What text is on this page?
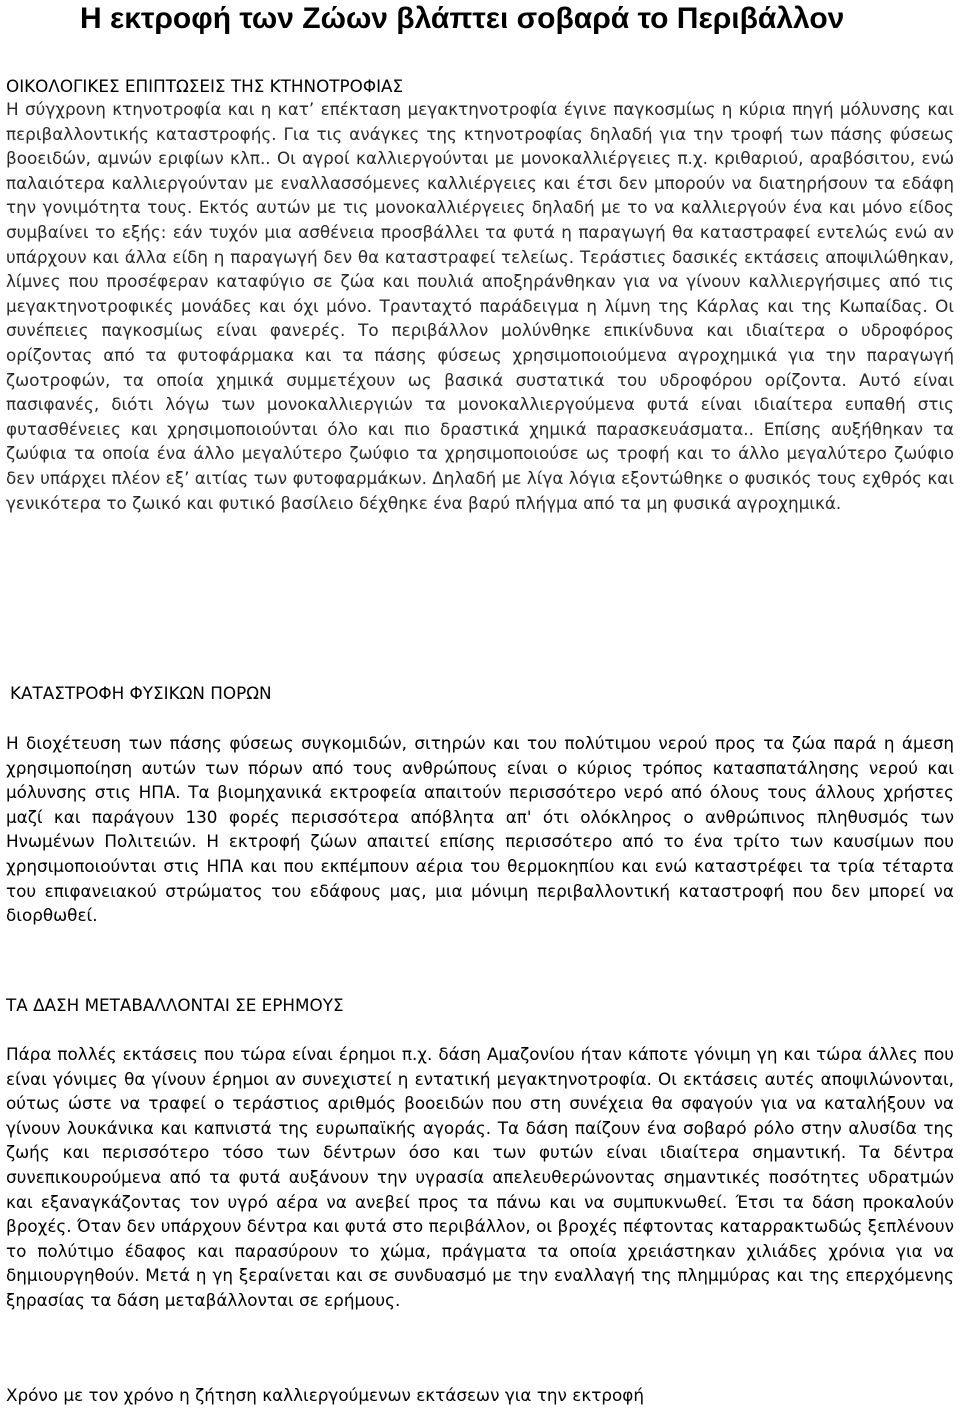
Η εκτροφή των Ζώων βλάπτει σοβαρά το Περιβάλλον
ΟΙΚΟΛΟΓΙΚΕΣ ΕΠΙΠΤΩΣΕΙΣ ΤΗΣ ΚΤΗΝΟΤΡΟΦΙΑΣ

Η σύγχρονη κτηνοτροφία και η κατ’ επέκταση μεγακτηνοτροφία έγινε παγκοσμίως η κύρια πηγή μόλυνσης και περιβαλλοντικής καταστροφής. Για τις ανάγκες της κτηνοτροφίας δηλαδή για την τροφή των πάσης φύσεως βοοειδών, αμνών εριφίων κλπ.. Οι αγροί καλλιεργούνται με μονοκαλλιέργειες π.χ. κριθαριού, αραβόσιτου, ενώ παλαιότερα καλλιεργούνταν με εναλλασσόμενες καλλιέργειες και έτσι δεν μπορούν να διατηρήσουν τα εδάφη την γονιμότητα τους. Εκτός αυτών με τις μονοκαλλιέργειες δηλαδή με το να καλλιεργούν ένα και μόνο είδος συμβαίνει το εξής: εάν τυχόν μια ασθένεια προσβάλλει τα φυτά η παραγωγή θα καταστραφεί εντελώς ενώ αν υπάρχουν και άλλα είδη η παραγωγή δεν θα καταστραφεί τελείως. Τεράστιες δασικές εκτάσεις αποψιλώθηκαν, λίμνες που προσέφεραν καταφύγιο σε ζώα και πουλιά αποξηράνθηκαν για να γίνουν καλλιεργήσιμες από τις μεγακτηνοτροφικές μονάδες και όχι μόνο. Τρανταχτό παράδειγμα η λίμνη της Κάρλας και της Κωπαίδας. Οι συνέπειες παγκοσμίως είναι φανερές. Το περιβάλλον μολύνθηκε επικίνδυνα και ιδιαίτερα ο υδροφόρος ορίζοντας από τα φυτοφάρμακα και τα πάσης φύσεως χρησιμοποιούμενα αγροχημικά για την παραγωγή ζωοτροφών, τα οποία χημικά συμμετέχουν ως βασικά συστατικά του υδροφόρου ορίζοντα. Αυτό είναι πασιφανές, διότι λόγω των μονοκαλλιεργιών τα μονοκαλλιεργούμενα φυτά είναι ιδιαίτερα ευπαθή στις φυτασθένειες και χρησιμοποιούνται όλο και πιο δραστικά χημικά παρασκευάσματα.. Επίσης αυξήθηκαν τα ζωύφια τα οποία ένα άλλο μεγαλύτερο ζωύφιο τα χρησιμοποιούσε ως τροφή και το άλλο μεγαλύτερο ζωύφιο δεν υπάρχει πλέον εξ’ αιτίας των φυτοφαρμάκων. Δηλαδή με λίγα λόγια εξοντώθηκε ο φυσικός τους εχθρός και γενικότερα το ζωικό και φυτικό βασίλειο δέχθηκε ένα βαρύ πλήγμα από τα μη φυσικά αγροχημικά.

ΚΑΤΑΣΤΡΟΦΗ ΦΥΣΙΚΩΝ ΠΟΡΩΝ

Η διοχέτευση των πάσης φύσεως συγκομιδών, σιτηρών και του πολύτιμου νερού προς τα ζώα παρά η άμεση χρησιμοποίηση αυτών των πόρων από τους ανθρώπους είναι ο κύριος τρόπος κατασπατάλησης νερού και μόλυνσης στις ΗΠΑ. Τα βιομηχανικά εκτροφεία απαιτούν περισσότερο νερό από όλους τους άλλους χρήστες μαζί και παράγουν 130 φορές περισσότερα απόβλητα απ' ότι ολόκληρος ο ανθρώπινος πληθυσμός των Ηνωμένων Πολιτειών. Η εκτροφή ζώων απαιτεί επίσης περισσότερο από το ένα τρίτο των καυσίμων που χρησιμοποιούνται στις ΗΠΑ και που εκπέμπουν αέρια του θερμοκηπίου και ενώ καταστρέφει τα τρία τέταρτα του επιφανειακού στρώματος του εδάφους μας, μια μόνιμη περιβαλλοντική καταστροφή που δεν μπορεί να διορθωθεί.

ΤΑ ΔΑΣΗ ΜΕΤΑΒΑΛΛΟΝΤΑΙ ΣΕ ΕΡΗΜΟΥΣ

Πάρα πολλές εκτάσεις που τώρα είναι έρημοι π.χ. δάση Αμαζονίου ήταν κάποτε γόνιμη γη και τώρα άλλες που είναι γόνιμες θα γίνουν έρημοι αν συνεχιστεί η εντατική μεγακτηνοτροφία. Οι εκτάσεις αυτές αποψιλώνονται, ούτως ώστε να τραφεί ο τεράστιος αριθμός βοοειδών που στη συνέχεια θα σφαγούν για να καταλήξουν να γίνουν λουκάνικα και καπνιστά της ευρωπαϊκής αγοράς. Τα δάση παίζουν ένα σοβαρό ρόλο στην αλυσίδα της ζωής και περισσότερο τόσο των δέντρων όσο και των φυτών είναι ιδιαίτερα σημαντική. Τα δέντρα συνεπικουρούμενα από τα φυτά αυξάνουν την υγρασία απελευθερώνοντας σημαντικές ποσότητες υδρατμών και εξαναγκάζοντας τον υγρό αέρα να ανεβεί προς τα πάνω και να συμπυκνωθεί. Έτσι τα δάση προκαλούν βροχές. Όταν δεν υπάρχουν δέντρα και φυτά στο περιβάλλον, οι βροχές πέφτοντας καταρρακτωδώς ξεπλένουν το πολύτιμο έδαφος και παρασύρουν το χώμα, πράγματα τα οποία χρειάστηκαν χιλιάδες χρόνια για να δημιουργηθούν. Μετά η γη ξεραίνεται και σε συνδυασμό με την εναλλαγή της πλημμύρας και της επερχόμενης ξηρασίας τα δάση μεταβάλλονται σε ερήμους.

Χρόνο με τον χρόνο η ζήτηση καλλιεργούμενων εκτάσεων για την εκτροφή
